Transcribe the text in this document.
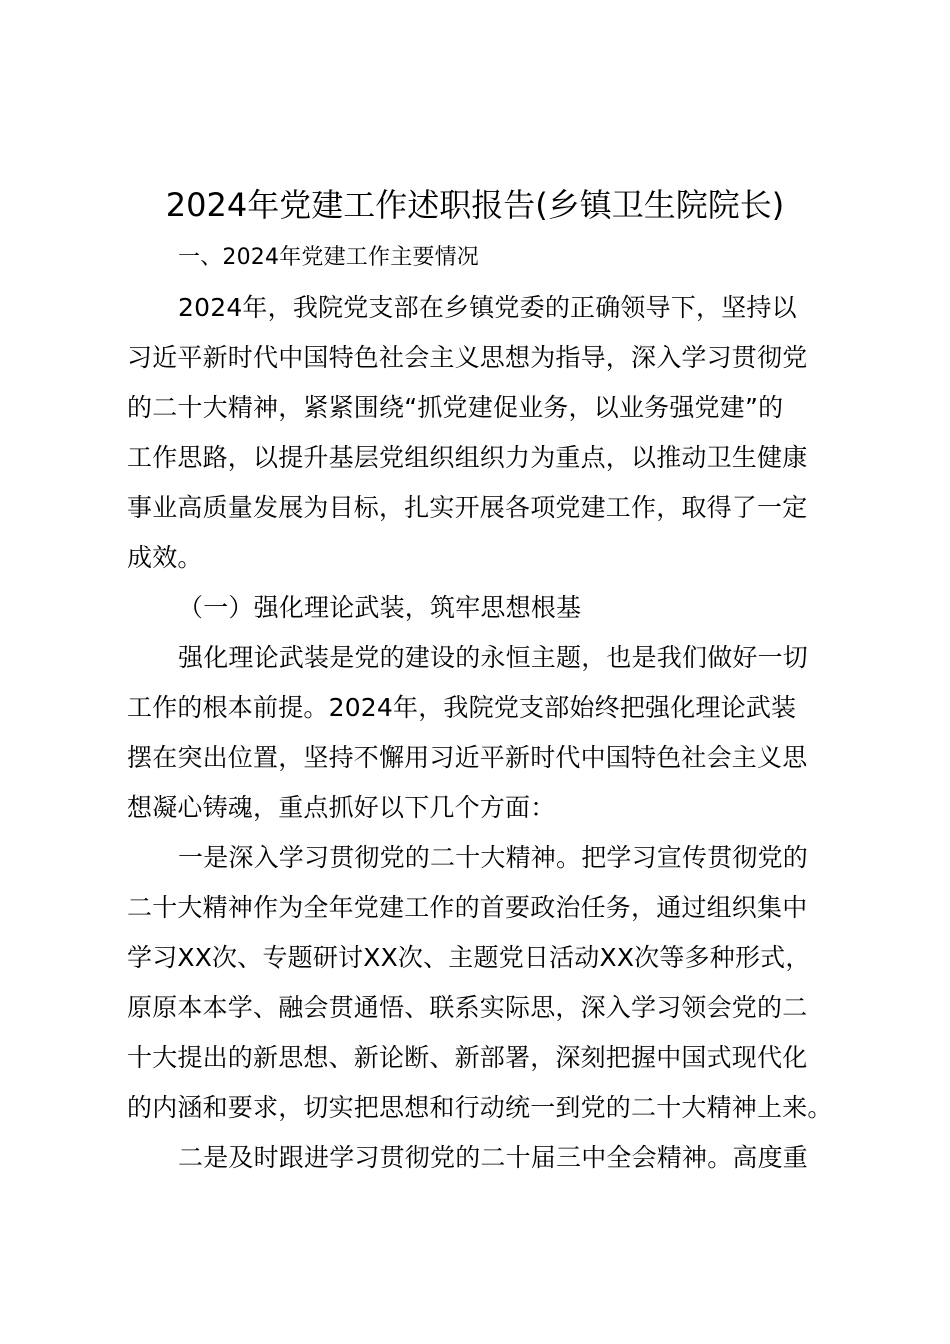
2024年党建工作述职报告(乡镇卫生院院长)
一、2024年党建工作主要情况
2024年，我院党支部在乡镇党委的正确领导下，坚持以
习近平新时代中国特色社会主义思想为指导，深入学习贯彻党
的二十大精神，紧紧围绕“抓党建促业务，以业务强党建”的
工作思路，以提升基层党组织组织力为重点，以推动卫生健康
事业高质量发展为目标，扎实开展各项党建工作，取得了一定
成效。
（一）强化理论武装，筑牢思想根基
强化理论武装是党的建设的永恒主题，也是我们做好一切
工作的根本前提。2024年，我院党支部始终把强化理论武装
摆在突出位置，坚持不懈用习近平新时代中国特色社会主义思
想凝心铸魂，重点抓好以下几个方面：
一是深入学习贯彻党的二十大精神。把学习宣传贯彻党的
二十大精神作为全年党建工作的首要政治任务，通过组织集中
学习XX次、专题研讨XX次、主题党日活动XX次等多种形式，
原原本本学、融会贯通悟、联系实际思，深入学习领会党的二
十大提出的新思想、新论断、新部署，深刻把握中国式现代化
的内涵和要求，切实把思想和行动统一到党的二十大精神上来。
二是及时跟进学习贯彻党的二十届三中全会精神。高度重
